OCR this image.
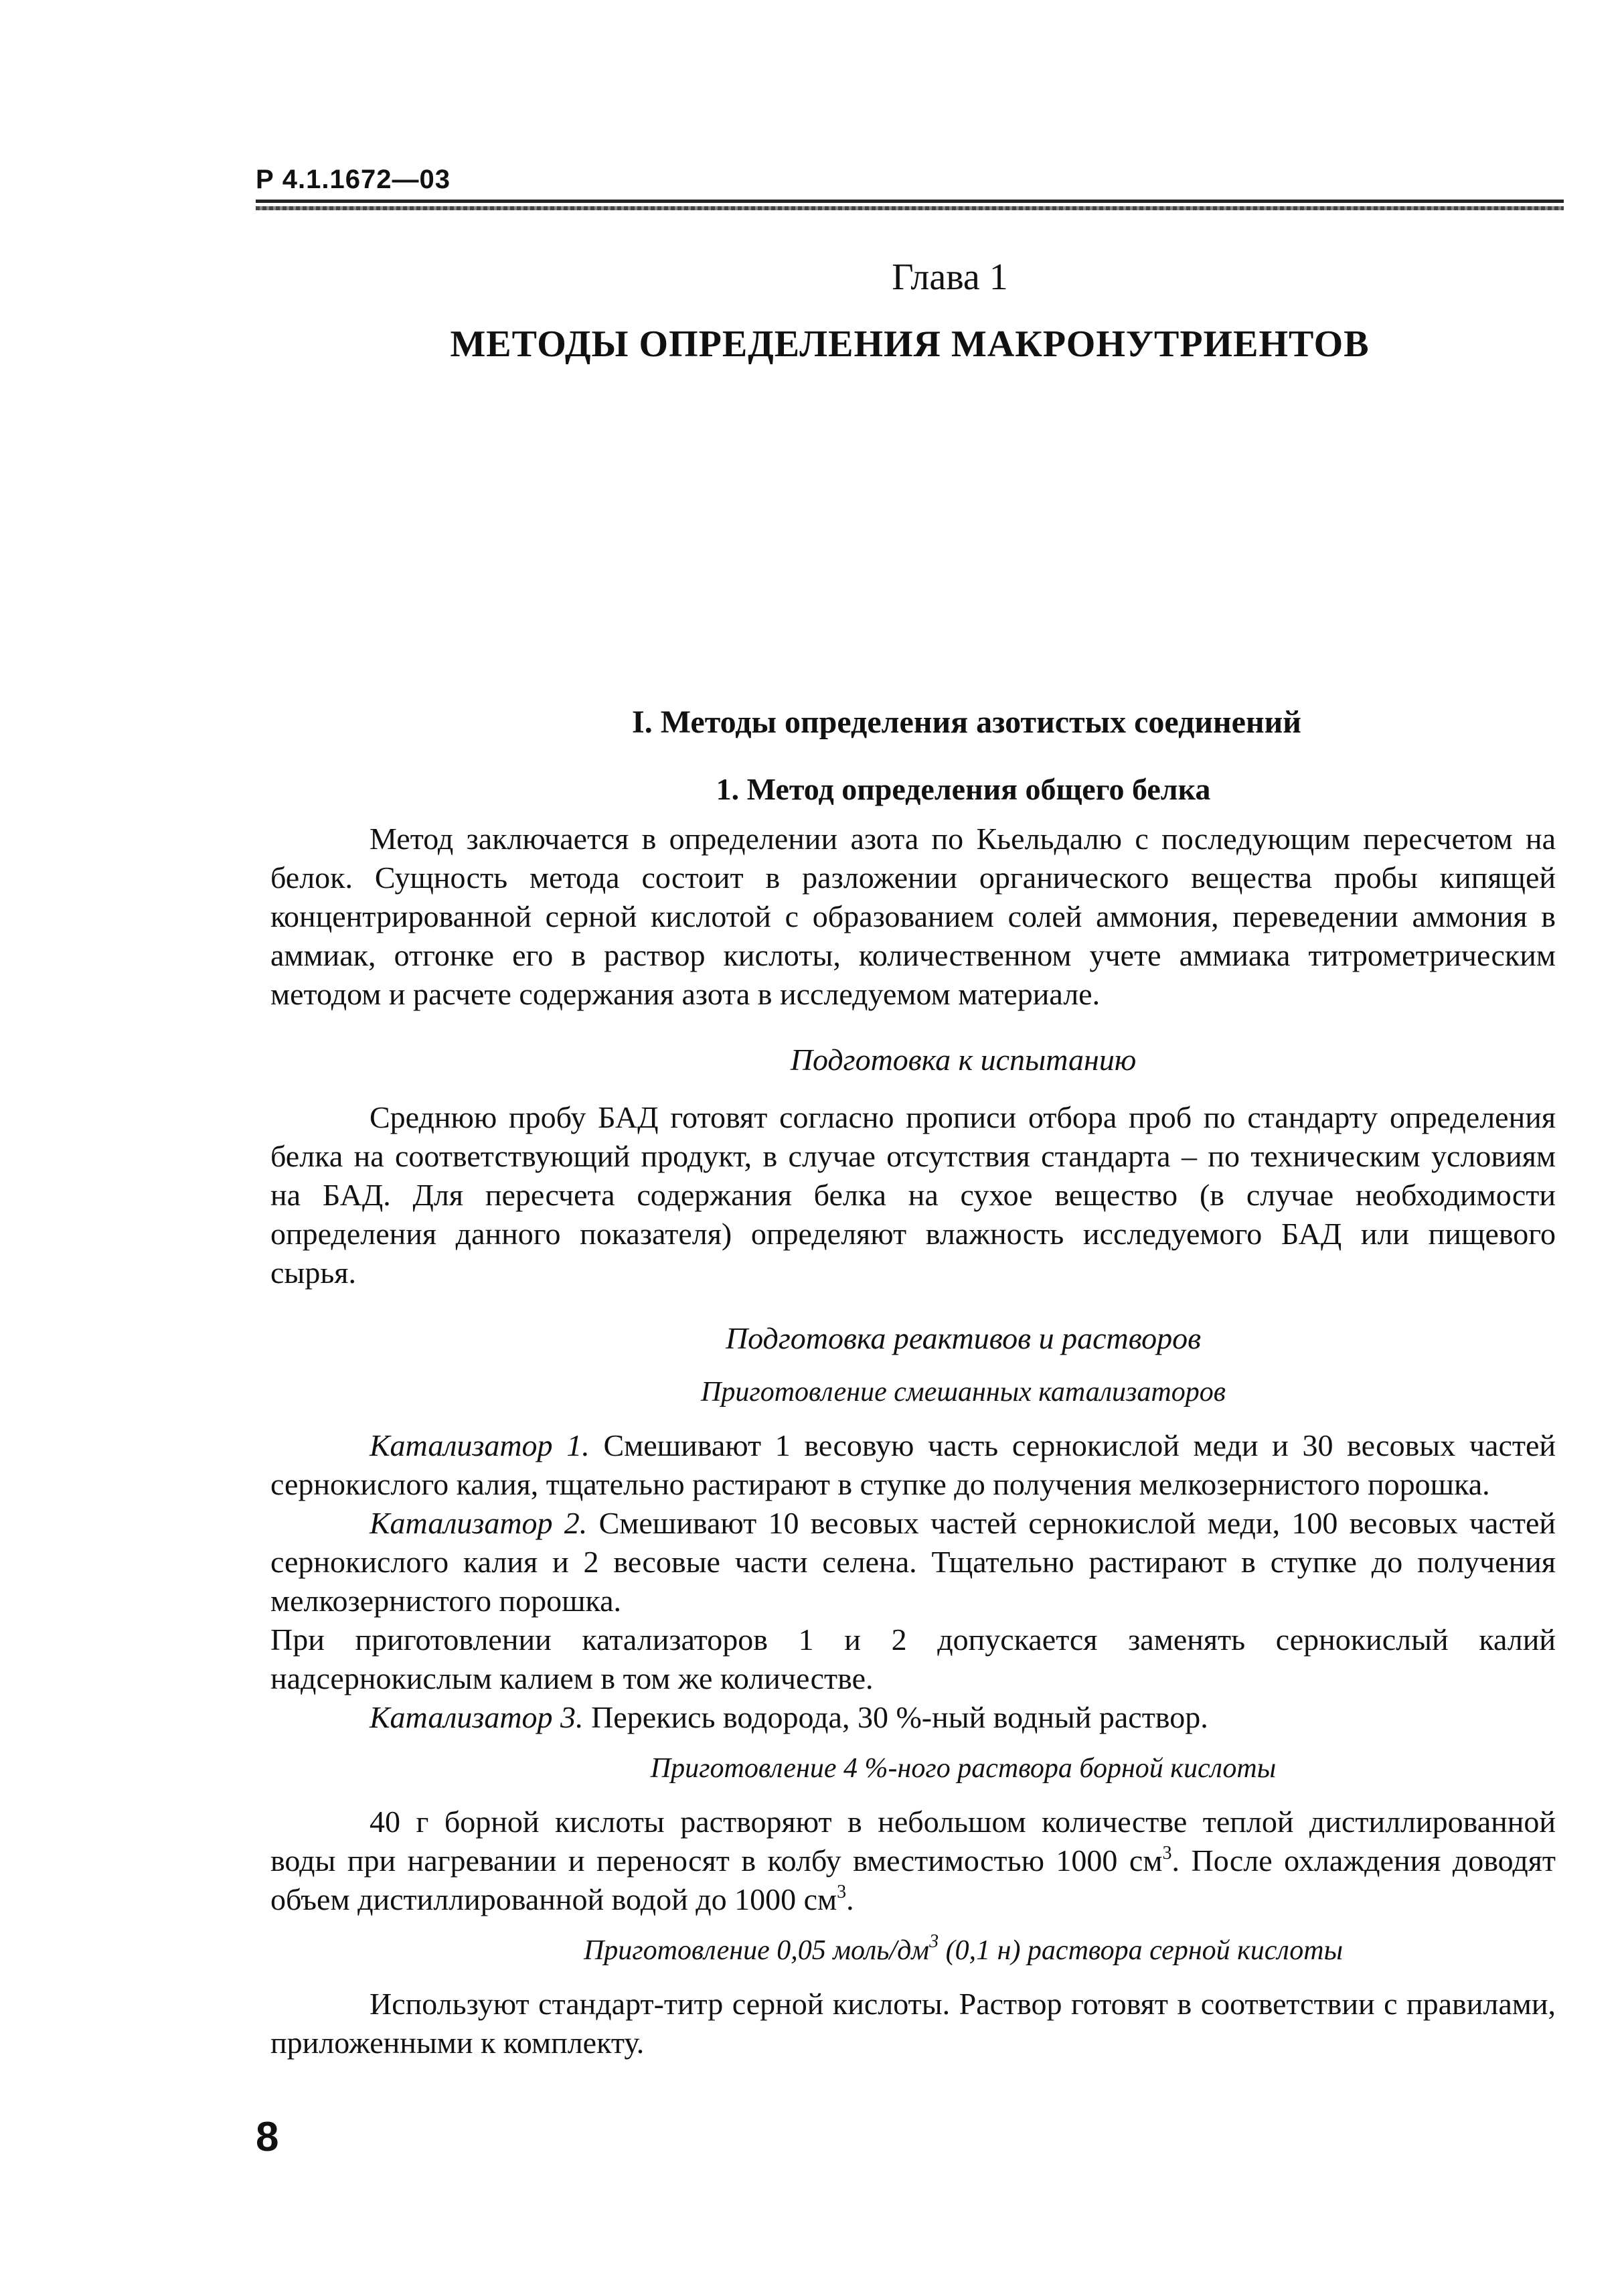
Р 4.1.1672—03
Глава 1
МЕТОДЫ ОПРЕДЕЛЕНИЯ МАКРОНУТРИЕНТОВ
I. Методы определения азотистых соединений
1. Метод определения общего белка

Метод заключается в определении азота по Кьельдалю с последующим пересчетом на белок. Сущность метода состоит в разложении органического вещества пробы кипящей концентрированной серной кислотой с образованием солей аммония, переведении аммония в аммиак, отгонке его в раствор кислоты, количественном учете аммиака титрометрическим методом и расчете содержания азота в исследуемом материале.

Подготовка к испытанию

Среднюю пробу БАД готовят согласно прописи отбора проб по стандарту определения белка на соответствующий продукт, в случае отсутствия стандарта – по техническим условиям на БАД. Для пересчета содержания белка на сухое вещество (в случае необходимости определения данного показателя) определяют влажность исследуемого БАД или пищевого сырья.

Подготовка реактивов и растворов
Приготовление смешанных катализаторов

Катализатор 1. Смешивают 1 весовую часть сернокислой меди и 30 весовых частей сернокислого калия, тщательно растирают в ступке до получения мелкозернистого порошка.

Катализатор 2. Смешивают 10 весовых частей сернокислой меди, 100 весовых частей сернокислого калия и 2 весовые части селена. Тщательно растирают в ступке до получения мелкозернистого порошка.

При приготовлении катализаторов 1 и 2 допускается заменять сернокислый калий надсернокислым калием в том же количестве.

Катализатор 3. Перекись водорода, 30 %-ный водный раствор.

Приготовление 4 %-ного раствора борной кислоты

40 г борной кислоты растворяют в небольшом количестве теплой дистиллированной воды при нагревании и переносят в колбу вместимостью 1000 $см^3$. После охлаждения доводят объем дистиллированной водой до 1000 $см^3$.

Приготовление 0,05 моль/$дм^3$ (0,1 н) раствора серной кислоты

Используют стандарт-титр серной кислоты. Раствор готовят в соответствии с правилами, приложенными к комплекту.

8
